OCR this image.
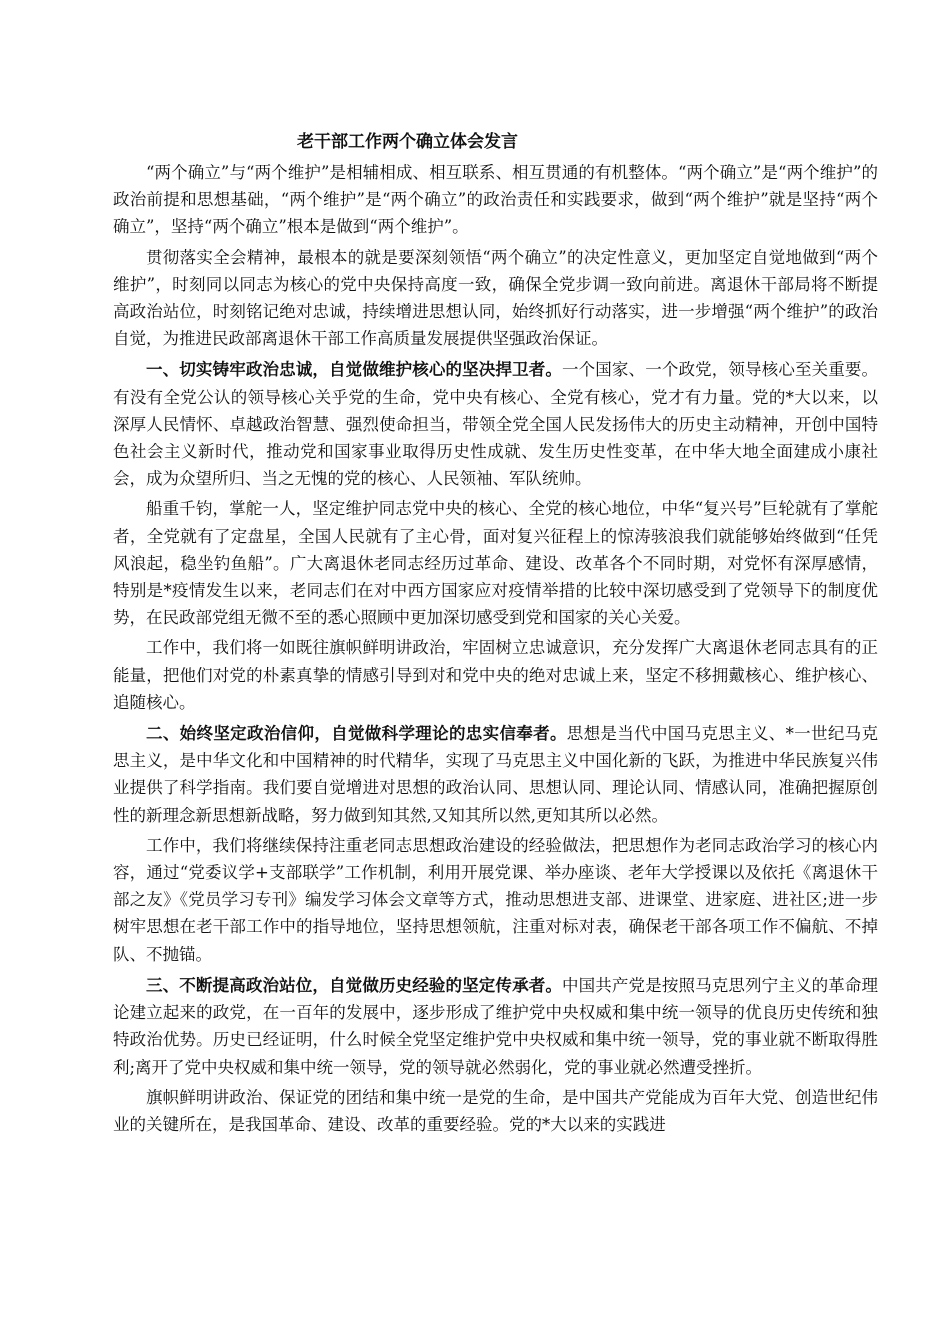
老干部工作两个确立体会发言

“两个确立”与“两个维护”是相辅相成、相互联系、相互贯通的有机整体。“两个确立”是“两个维护”的政治前提和思想基础，“两个维护”是“两个确立”的政治责任和实践要求，做到“两个维护”就是坚持“两个确立”，坚持“两个确立”根本是做到“两个维护”。

贯彻落实全会精神，最根本的就是要深刻领悟“两个确立”的决定性意义，更加坚定自觉地做到“两个维护”，时刻同以同志为核心的党中央保持高度一致，确保全党步调一致向前进。离退休干部局将不断提高政治站位，时刻铭记绝对忠诚，持续增进思想认同，始终抓好行动落实，进一步增强“两个维护”的政治自觉，为推进民政部离退休干部工作高质量发展提供坚强政治保证。

一、切实铸牢政治忠诚，自觉做维护核心的坚决捍卫者。一个国家、一个政党，领导核心至关重要。有没有全党公认的领导核心关乎党的生命，党中央有核心、全党有核心，党才有力量。党的*大以来，以深厚人民情怀、卓越政治智慧、强烈使命担当，带领全党全国人民发扬伟大的历史主动精神，开创中国特色社会主义新时代，推动党和国家事业取得历史性成就、发生历史性变革，在中华大地全面建成小康社会，成为众望所归、当之无愧的党的核心、人民领袖、军队统帅。

船重千钧，掌舵一人，坚定维护同志党中央的核心、全党的核心地位，中华“复兴号”巨轮就有了掌舵者，全党就有了定盘星，全国人民就有了主心骨，面对复兴征程上的惊涛骇浪我们就能够始终做到“任凭风浪起，稳坐钓鱼船”。广大离退休老同志经历过革命、建设、改革各个不同时期，对党怀有深厚感情，特别是*疫情发生以来，老同志们在对中西方国家应对疫情举措的比较中深切感受到了党领导下的制度优势，在民政部党组无微不至的悉心照顾中更加深切感受到党和国家的关心关爱。

工作中，我们将一如既往旗帜鲜明讲政治，牢固树立忠诚意识，充分发挥广大离退休老同志具有的正能量，把他们对党的朴素真挚的情感引导到对和党中央的绝对忠诚上来，坚定不移拥戴核心、维护核心、追随核心。

二、始终坚定政治信仰，自觉做科学理论的忠实信奉者。思想是当代中国马克思主义、*一世纪马克思主义，是中华文化和中国精神的时代精华，实现了马克思主义中国化新的飞跃，为推进中华民族复兴伟业提供了科学指南。我们要自觉增进对思想的政治认同、思想认同、理论认同、情感认同，准确把握原创性的新理念新思想新战略，努力做到知其然,又知其所以然,更知其所以必然。

工作中，我们将继续保持注重老同志思想政治建设的经验做法，把思想作为老同志政治学习的核心内容，通过“党委议学+支部联学”工作机制，利用开展党课、举办座谈、老年大学授课以及依托《离退休干部之友》《党员学习专刊》编发学习体会文章等方式，推动思想进支部、进课堂、进家庭、进社区;进一步树牢思想在老干部工作中的指导地位，坚持思想领航，注重对标对表，确保老干部各项工作不偏航、不掉队、不抛锚。

三、不断提高政治站位，自觉做历史经验的坚定传承者。中国共产党是按照马克思列宁主义的革命理论建立起来的政党，在一百年的发展中，逐步形成了维护党中央权威和集中统一领导的优良历史传统和独特政治优势。历史已经证明，什么时候全党坚定维护党中央权威和集中统一领导，党的事业就不断取得胜利;离开了党中央权威和集中统一领导，党的领导就必然弱化，党的事业就必然遭受挫折。

旗帜鲜明讲政治、保证党的团结和集中统一是党的生命，是中国共产党能成为百年大党、创造世纪伟业的关键所在，是我国革命、建设、改革的重要经验。党的*大以来的实践进
